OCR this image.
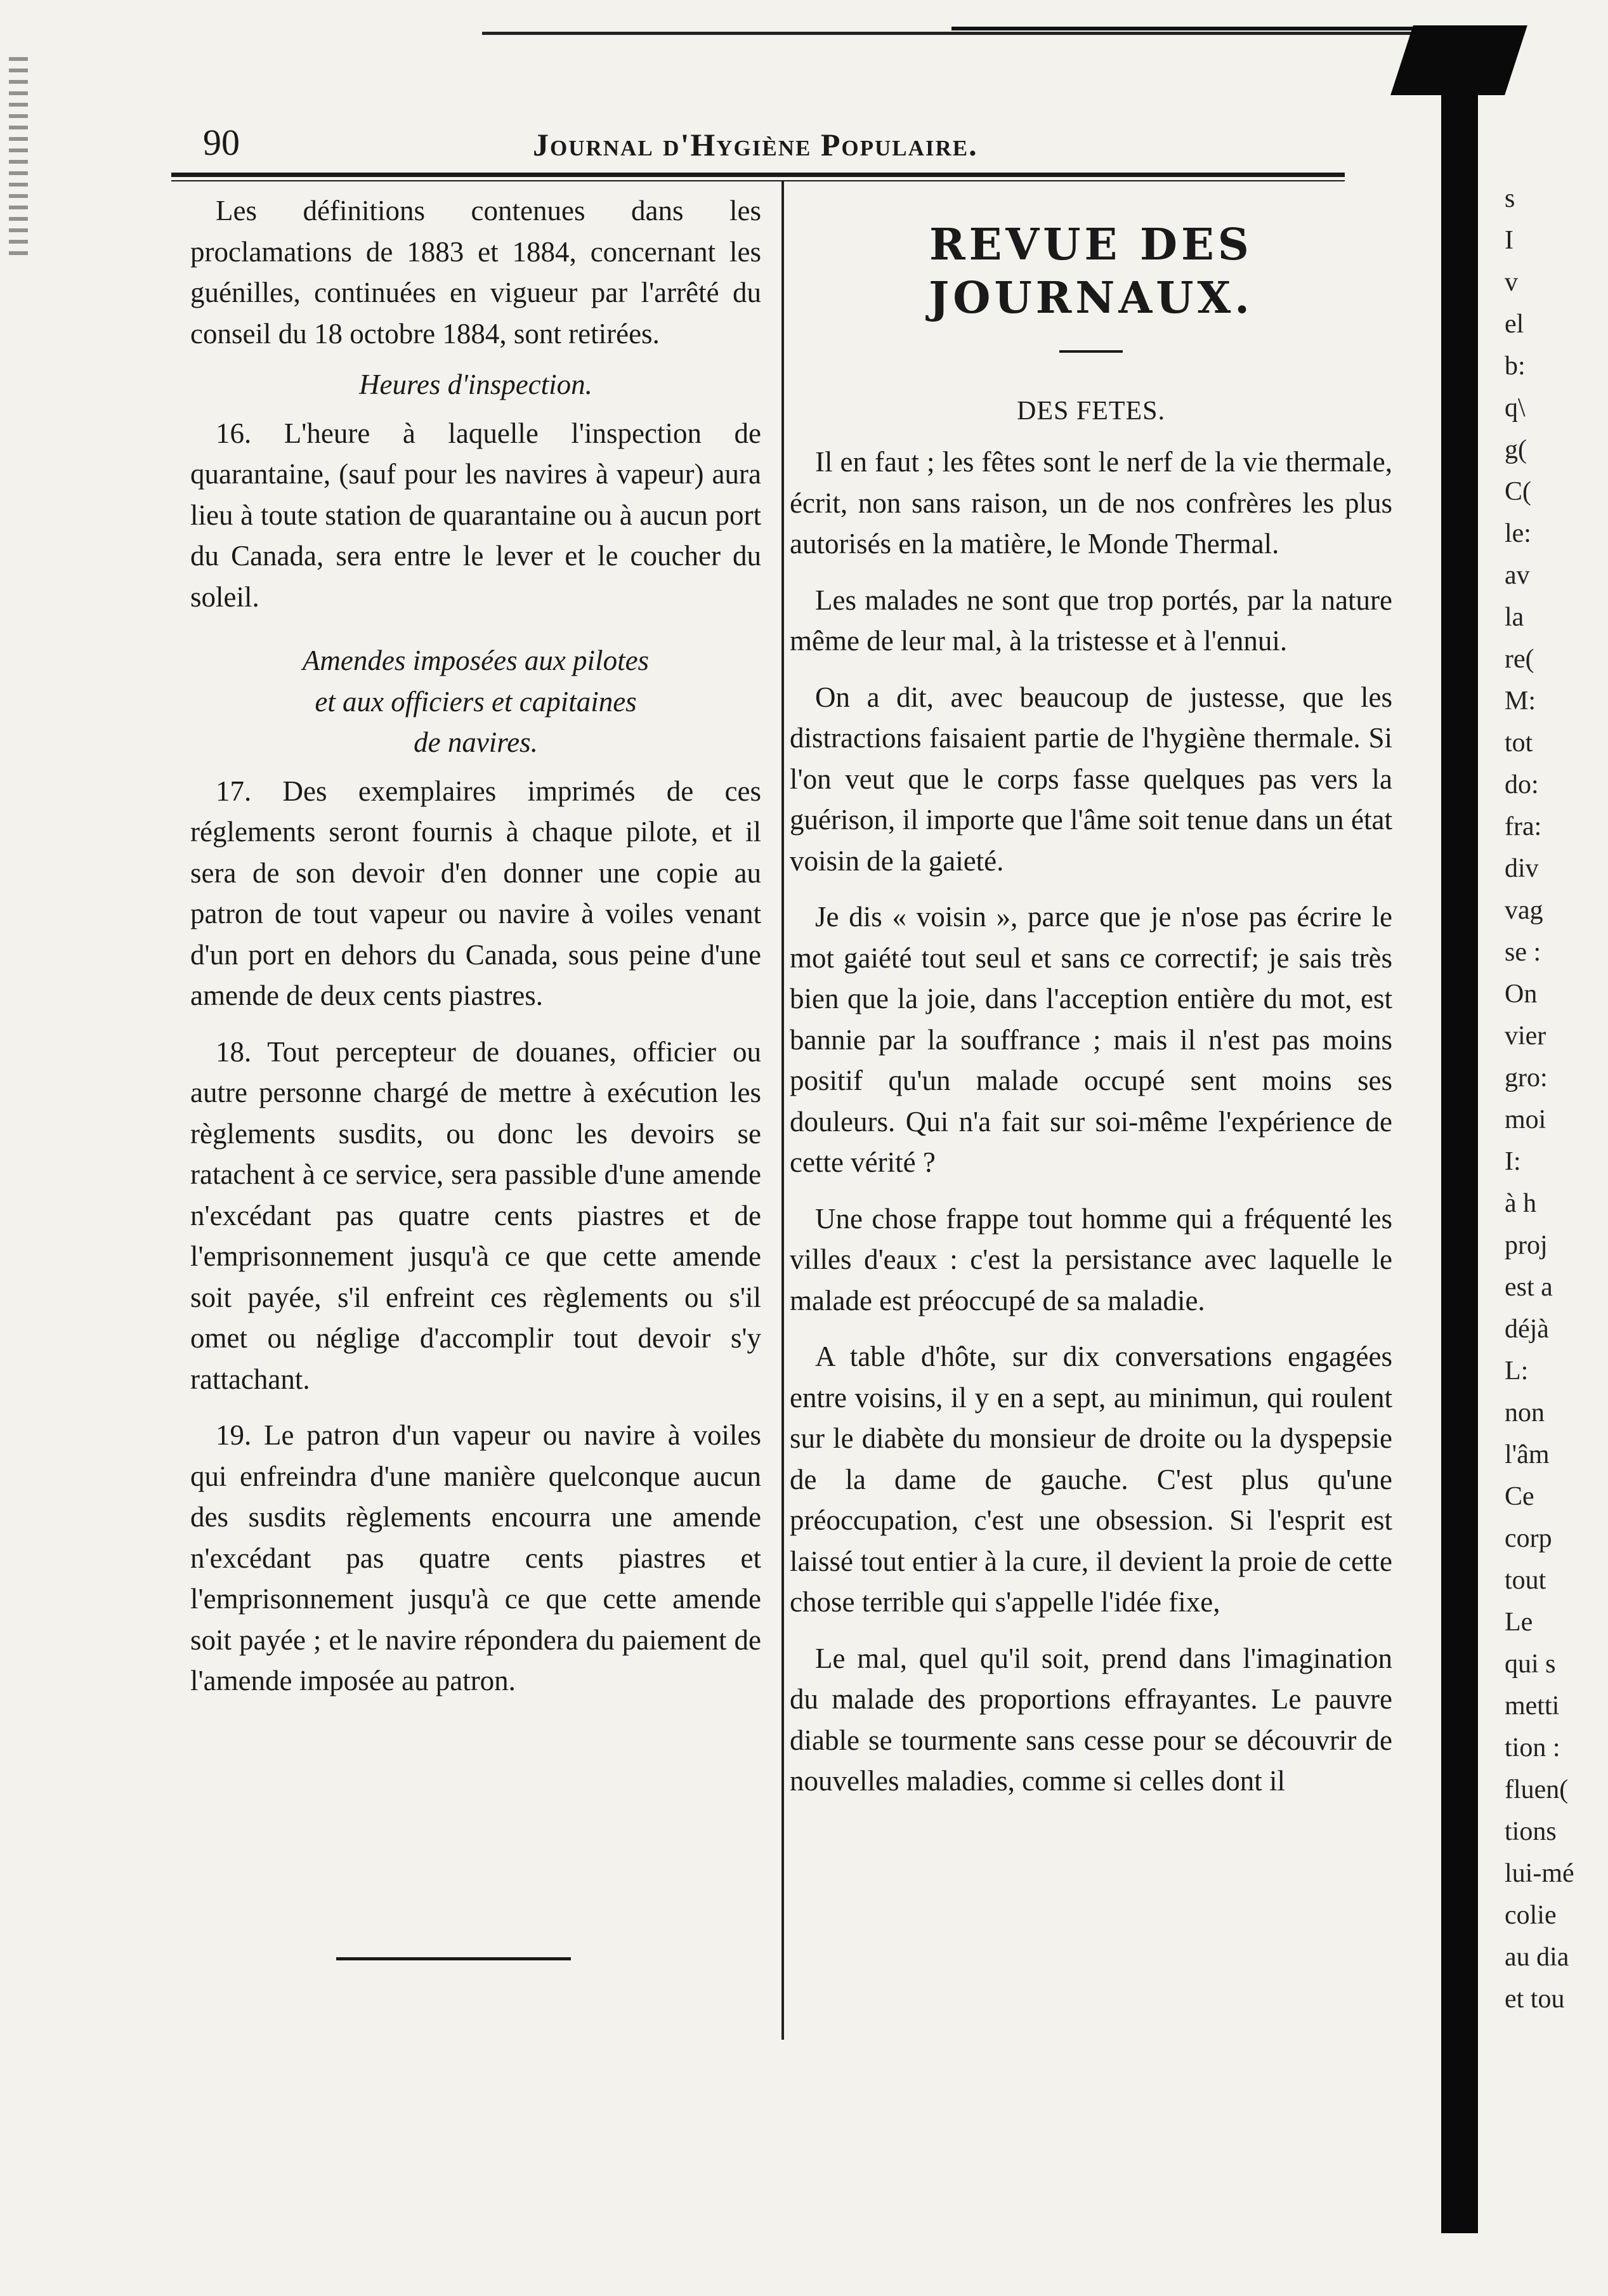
90	Journal d'Hygiène Populaire.

Les définitions contenues dans les proclamations de 1883 et 1884, concernant les guénilles, continuées en vigueur par l'arrêté du conseil du 18 octobre 1884, sont retirées.

Heures d'inspection.

16. L'heure à laquelle l'inspection de quarantaine, (sauf pour les navires à vapeur) aura lieu à toute station de quarantaine ou à aucun port du Canada, sera entre le lever et le coucher du soleil.

Amendes imposées aux pilotes
et aux officiers et capitaines
de navires.

17. Des exemplaires imprimés de ces réglements seront fournis à chaque pilote, et il sera de son devoir d'en donner une copie au patron de tout vapeur ou navire à voiles venant d'un port en dehors du Canada, sous peine d'une amende de deux cents piastres.

18. Tout percepteur de douanes, officier ou autre personne chargé de mettre à exécution les règlements susdits, ou donc les devoirs se ratachent à ce service, sera passible d'une amende n'excédant pas quatre cents piastres et de l'emprisonnement jusqu'à ce que cette amende soit payée, s'il enfreint ces règlements ou s'il omet ou néglige d'accomplir tout devoir s'y rattachant.

19. Le patron d'un vapeur ou navire à voiles qui enfreindra d'une manière quelconque aucun des susdits règlements encourra une amende n'excédant pas quatre cents piastres et l'emprisonnement jusqu'à ce que cette amende soit payée ; et le navire répondera du paiement de l'amende imposée au patron.

REVUE DES JOURNAUX.
DES FETES.

Il en faut ; les fêtes sont le nerf de la vie thermale, écrit, non sans raison, un de nos confrères les plus autorisés en la matière, le Monde Thermal.

Les malades ne sont que trop portés, par la nature même de leur mal, à la tristesse et à l'ennui.

On a dit, avec beaucoup de justesse, que les distractions faisaient partie de l'hygiène thermale. Si l'on veut que le corps fasse quelques pas vers la guérison, il importe que l'âme soit tenue dans un état voisin de la gaieté.

Je dis « voisin », parce que je n'ose pas écrire le mot gaiété tout seul et sans ce correctif; je sais très bien que la joie, dans l'acception entière du mot, est bannie par la souffrance ; mais il n'est pas moins positif qu'un malade occupé sent moins ses douleurs. Qui n'a fait sur soi-même l'expérience de cette vérité ?

Une chose frappe tout homme qui a fréquenté les villes d'eaux : c'est la persistance avec laquelle le malade est préoccupé de sa maladie.

A table d'hôte, sur dix conversations engagées entre voisins, il y en a sept, au minimun, qui roulent sur le diabète du monsieur de droite ou la dyspepsie de la dame de gauche. C'est plus qu'une préoccupation, c'est une obsession. Si l'esprit est laissé tout entier à la cure, il devient la proie de cette chose terrible qui s'appelle l'idée fixe,

Le mal, quel qu'il soit, prend dans l'imagination du malade des proportions effrayantes. Le pauvre diable se tourmente sans cesse pour se découvrir de nouvelles maladies, comme si celles dont il

s
I
v
el
b:
q\
g(
C(
le:
av
la
re(
M:
tot
do:
fra:
div
vag
se :
On
vier
gro:
moi
I:
à h
proj
est a
déjà
L:
non
l'âm
Ce
corp
tout
Le
qui s
metti
tion :
fluen(
tions
lui-mé
colie
au dia
et tou
